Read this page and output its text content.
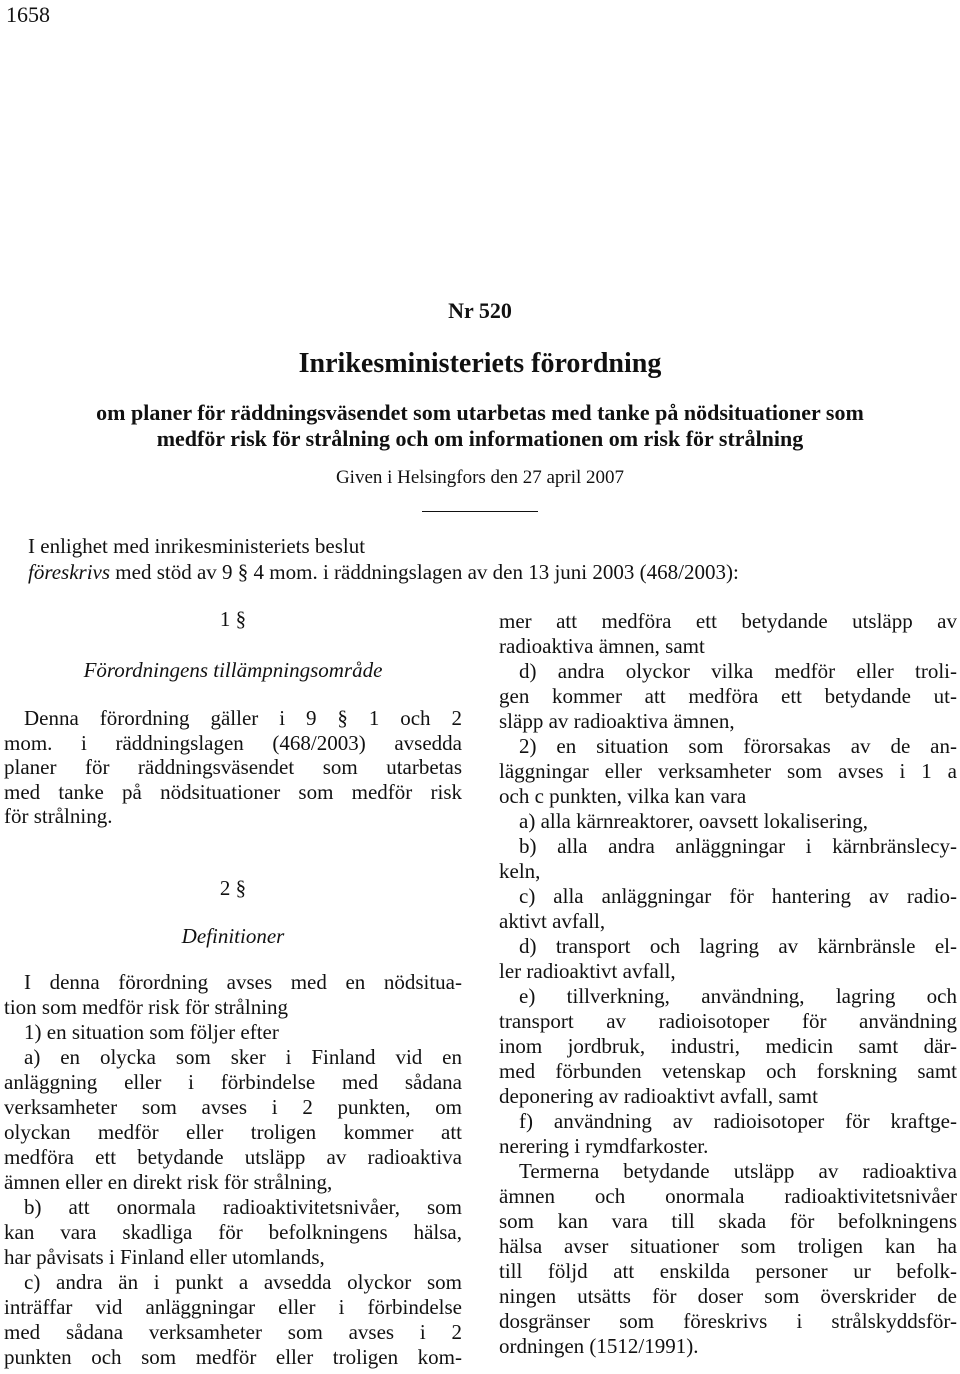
1658
Nr 520
Inrikesministeriets förordning
om planer för räddningsväsendet som utarbetas med tanke på nödsituationer som
medför risk för strålning och om informationen om risk för strålning
Given i Helsingfors den 27 april 2007
I enlighet med inrikesministeriets beslut
föreskrivs med stöd av 9 § 4 mom. i räddningslagen av den 13 juni 2003 (468/2003):
1 §
Förordningens tillämpningsområde
Denna förordning gäller i 9 § 1 och 2
mom. i räddningslagen (468/2003) avsedda
planer för räddningsväsendet som utarbetas
med tanke på nödsituationer som medför risk
för strålning.
2 §
Definitioner
I denna förordning avses med en nödsitua-
tion som medför risk för strålning
1) en situation som följer efter
a) en olycka som sker i Finland vid en
anläggning eller i förbindelse med sådana
verksamheter som avses i 2 punkten, om
olyckan medför eller troligen kommer att
medföra ett betydande utsläpp av radioaktiva
ämnen eller en direkt risk för strålning,
b) att onormala radioaktivitetsnivåer, som
kan vara skadliga för befolkningens hälsa,
har påvisats i Finland eller utomlands,
c) andra än i punkt a avsedda olyckor som
inträffar vid anläggningar eller i förbindelse
med sådana verksamheter som avses i 2
punkten och som medför eller troligen kom-
mer att medföra ett betydande utsläpp av
radioaktiva ämnen, samt
d) andra olyckor vilka medför eller troli-
gen kommer att medföra ett betydande ut-
släpp av radioaktiva ämnen,
2) en situation som förorsakas av de an-
läggningar eller verksamheter som avses i 1 a
och c punkten, vilka kan vara
a) alla kärnreaktorer, oavsett lokalisering,
b) alla andra anläggningar i kärnbränslecy-
keln,
c) alla anläggningar för hantering av radio-
aktivt avfall,
d) transport och lagring av kärnbränsle el-
ler radioaktivt avfall,
e) tillverkning, användning, lagring och
transport av radioisotoper för användning
inom jordbruk, industri, medicin samt där-
med förbunden vetenskap och forskning samt
deponering av radioaktivt avfall, samt
f) användning av radioisotoper för kraftge-
nerering i rymdfarkoster.
Termerna betydande utsläpp av radioaktiva
ämnen och onormala radioaktivitetsnivåer
som kan vara till skada för befolkningens
hälsa avser situationer som troligen kan ha
till följd att enskilda personer ur befolk-
ningen utsätts för doser som överskrider de
dosgränser som föreskrivs i strålskyddsför-
ordningen (1512/1991).
